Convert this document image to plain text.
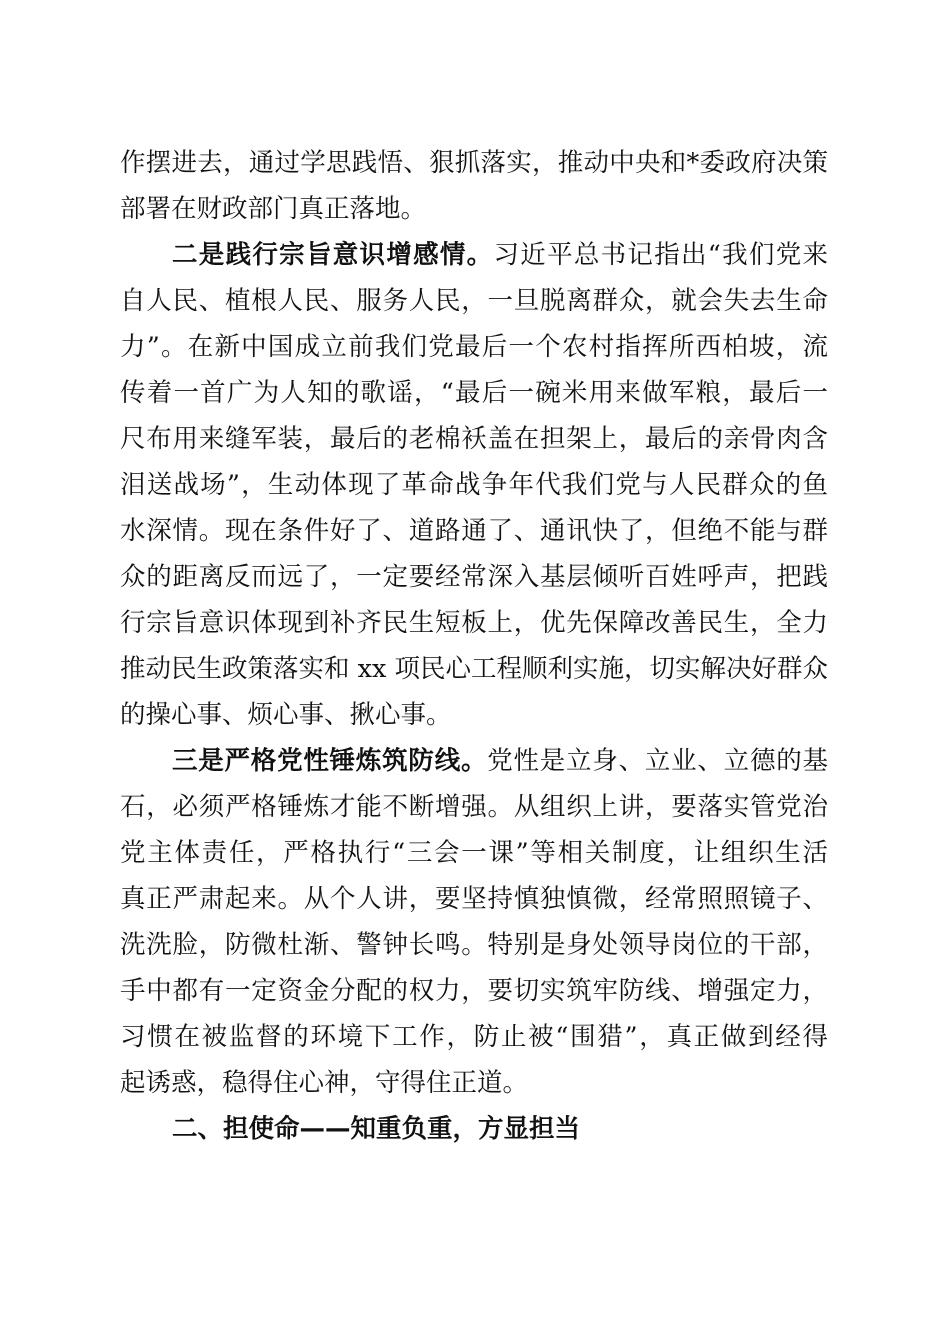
作摆进去，通过学思践悟、狠抓落实，推动中央和*委政府决策
部署在财政部门真正落地。
二是践行宗旨意识增感情。习近平总书记指出“我们党来
自人民、植根人民、服务人民，一旦脱离群众，就会失去生命
力”。在新中国成立前我们党最后一个农村指挥所西柏坡，流
传着一首广为人知的歌谣，“最后一碗米用来做军粮，最后一
尺布用来缝军装，最后的老棉袄盖在担架上，最后的亲骨肉含
泪送战场”，生动体现了革命战争年代我们党与人民群众的鱼
水深情。现在条件好了、道路通了、通讯快了，但绝不能与群
众的距离反而远了，一定要经常深入基层倾听百姓呼声，把践
行宗旨意识体现到补齐民生短板上，优先保障改善民生，全力
推动民生政策落实和 xx 项民心工程顺利实施，切实解决好群众
的操心事、烦心事、揪心事。
三是严格党性锤炼筑防线。党性是立身、立业、立德的基
石，必须严格锤炼才能不断增强。从组织上讲，要落实管党治
党主体责任，严格执行“三会一课”等相关制度，让组织生活
真正严肃起来。从个人讲，要坚持慎独慎微，经常照照镜子、
洗洗脸，防微杜渐、警钟长鸣。特别是身处领导岗位的干部，
手中都有一定资金分配的权力，要切实筑牢防线、增强定力，
习惯在被监督的环境下工作，防止被“围猎”，真正做到经得
二、担使命——知重负重，方显担当
起诱惑，稳得住心神，守得住正道。
